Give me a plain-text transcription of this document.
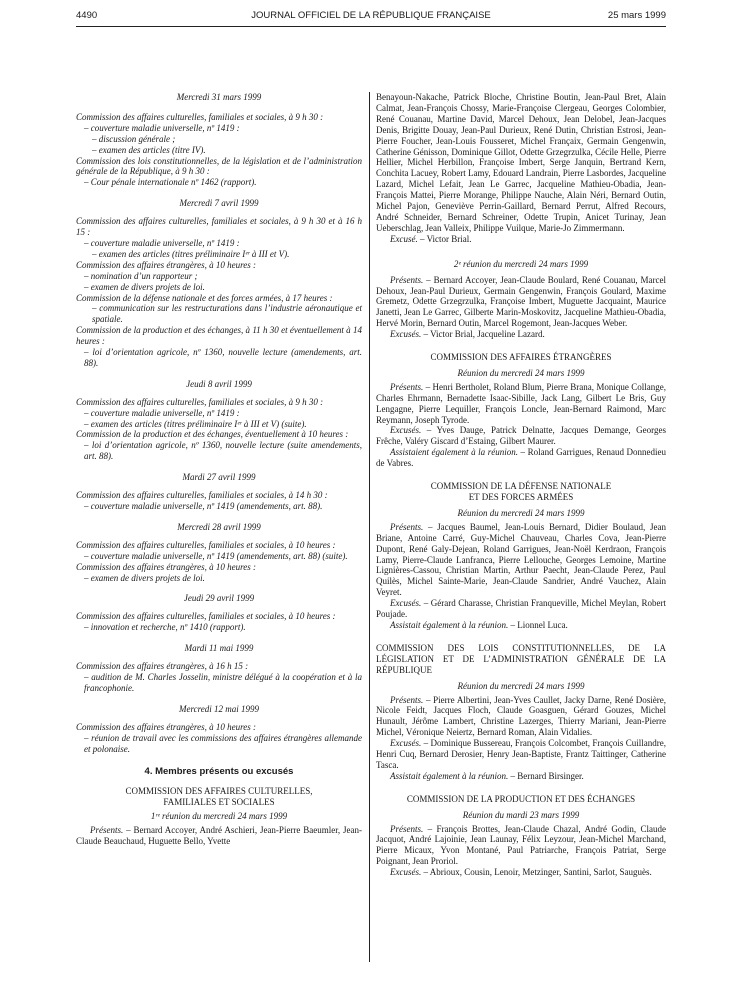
4490	JOURNAL OFFICIEL DE LA RÉPUBLIQUE FRANÇAISE	25 mars 1999
Mercredi 31 mars 1999
Commission des affaires culturelles, familiales et sociales, à 9 h 30 :
– couverture maladie universelle, nº 1419 :
– discussion générale ;
– examen des articles (titre IV).
Commission des lois constitutionnelles, de la législation et de l’administration générale de la République, à 9 h 30 :
– Cour pénale internationale nº 1462 (rapport).
Mercredi 7 avril 1999
Commission des affaires culturelles, familiales et sociales, à 9 h 30 et à 16 h 15 :
– couverture maladie universelle, nº 1419 :
– examen des articles (titres préliminaire Iᵉʳ à III et V).
Commission des affaires étrangères, à 10 heures :
– nomination d’un rapporteur ;
– examen de divers projets de loi.
Commission de la défense nationale et des forces armées, à 17 heures :
– communication sur les restructurations dans l’industrie aéronautique et spatiale.
Commission de la production et des échanges, à 11 h 30 et éventuellement à 14 heures :
– loi d’orientation agricole, nº 1360, nouvelle lecture (amendements, art. 88).
Jeudi 8 avril 1999
Commission des affaires culturelles, familiales et sociales, à 9 h 30 :
– couverture maladie universelle, nº 1419 :
– examen des articles (titres préliminaire Iᵉʳ à III et V) (suite).
Commission de la production et des échanges, éventuellement à 10 heures :
– loi d’orientation agricole, nº 1360, nouvelle lecture (suite amendements, art. 88).
Mardi 27 avril 1999
Commission des affaires culturelles, familiales et sociales, à 14 h 30 :
– couverture maladie universelle, nº 1419 (amendements, art. 88).
Mercredi 28 avril 1999
Commission des affaires culturelles, familiales et sociales, à 10 heures :
– couverture maladie universelle, nº 1419 (amendements, art. 88) (suite).
Commission des affaires étrangères, à 10 heures :
– examen de divers projets de loi.
Jeudi 29 avril 1999
Commission des affaires culturelles, familiales et sociales, à 10 heures :
– innovation et recherche, nº 1410 (rapport).
Mardi 11 mai 1999
Commission des affaires étrangères, à 16 h 15 :
– audition de M. Charles Josselin, ministre délégué à la coopération et à la francophonie.
Mercredi 12 mai 1999
Commission des affaires étrangères, à 10 heures :
– réunion de travail avec les commissions des affaires étrangères allemande et polonaise.
4. Membres présents ou excusés
COMMISSION DES AFFAIRES CULTURELLES,
FAMILIALES ET SOCIALES
1ʳᵉ réunion du mercredi 24 mars 1999
Présents. – Bernard Accoyer, André Aschieri, Jean-Pierre Baeumler, Jean-Claude Beauchaud, Huguette Bello, Yvette
Benayoun-Nakache, Patrick Bloche, Christine Boutin, Jean-Paul Bret, Alain Calmat, Jean-François Chossy, Marie-Françoise Clergeau, Georges Colombier, René Couanau, Martine David, Marcel Dehoux, Jean Delobel, Jean-Jacques Denis, Brigitte Douay, Jean-Paul Durieux, René Dutin, Christian Estrosi, Jean-Pierre Foucher, Jean-Louis Fousseret, Michel Françaix, Germain Gengenwin, Catherine Génisson, Dominique Gillot, Odette Grzegrzulka, Cécile Helle, Pierre Hellier, Michel Herbillon, Françoise Imbert, Serge Janquin, Bertrand Kern, Conchita Lacuey, Robert Lamy, Edouard Landrain, Pierre Lasbordes, Jacqueline Lazard, Michel Lefait, Jean Le Garrec, Jacqueline Mathieu-Obadia, Jean-François Mattei, Pierre Morange, Philippe Nauche, Alain Néri, Bernard Outin, Michel Pajon, Geneviève Perrin-Gaillard, Bernard Perrut, Alfred Recours, André Schneider, Bernard Schreiner, Odette Trupin, Anicet Turinay, Jean Ueberschlag, Jean Valleix, Philippe Vuilque, Marie-Jo Zimmermann.
Excusé. – Victor Brial.
2ᵉ réunion du mercredi 24 mars 1999
Présents. – Bernard Accoyer, Jean-Claude Boulard, René Couanau, Marcel Dehoux, Jean-Paul Durieux, Germain Gengenwin, François Goulard, Maxime Gremetz, Odette Grzegrzulka, Françoise Imbert, Muguette Jacquaint, Maurice Janetti, Jean Le Garrec, Gilberte Marin-Moskovitz, Jacqueline Mathieu-Obadia, Hervé Morin, Bernard Outin, Marcel Rogemont, Jean-Jacques Weber.
Excusés. – Victor Brial, Jacqueline Lazard.
COMMISSION DES AFFAIRES ÉTRANGÈRES
Réunion du mercredi 24 mars 1999
Présents. – Henri Bertholet, Roland Blum, Pierre Brana, Monique Collange, Charles Ehrmann, Bernadette Isaac-Sibille, Jack Lang, Gilbert Le Bris, Guy Lengagne, Pierre Lequiller, François Loncle, Jean-Bernard Raimond, Marc Reymann, Joseph Tyrode.
Excusés. – Yves Dauge, Patrick Delnatte, Jacques Demange, Georges Frêche, Valéry Giscard d’Estaing, Gilbert Maurer.
Assistaient également à la réunion. – Roland Garrigues, Renaud Donnedieu de Vabres.
COMMISSION DE LA DÉFENSE NATIONALE
ET DES FORCES ARMÉES
Réunion du mercredi 24 mars 1999
Présents. – Jacques Baumel, Jean-Louis Bernard, Didier Boulaud, Jean Briane, Antoine Carré, Guy-Michel Chauveau, Charles Cova, Jean-Pierre Dupont, René Galy-Dejean, Roland Garrigues, Jean-Noël Kerdraon, François Lamy, Pierre-Claude Lanfranca, Pierre Lellouche, Georges Lemoine, Martine Lignières-Cassou, Christian Martin, Arthur Paecht, Jean-Claude Perez, Paul Quilès, Michel Sainte-Marie, Jean-Claude Sandrier, André Vauchez, Alain Veyret.
Excusés. – Gérard Charasse, Christian Franqueville, Michel Meylan, Robert Poujade.
Assistait également à la réunion. – Lionnel Luca.
COMMISSION DES LOIS CONSTITUTIONNELLES, DE LA LÉGISLATION ET DE L’ADMINISTRATION GÉNÉRALE DE LA RÉPUBLIQUE
Réunion du mercredi 24 mars 1999
Présents. – Pierre Albertini, Jean-Yves Caullet, Jacky Darne, René Dosière, Nicole Feidt, Jacques Floch, Claude Goasguen, Gérard Gouzes, Michel Hunault, Jérôme Lambert, Christine Lazerges, Thierry Mariani, Jean-Pierre Michel, Véronique Neiertz, Bernard Roman, Alain Vidalies.
Excusés. – Dominique Bussereau, François Colcombet, François Cuillandre, Henri Cuq, Bernard Derosier, Henry Jean-Baptiste, Frantz Taittinger, Catherine Tasca.
Assistait également à la réunion. – Bernard Birsinger.
COMMISSION DE LA PRODUCTION ET DES ÉCHANGES
Réunion du mardi 23 mars 1999
Présents. – François Brottes, Jean-Claude Chazal, André Godin, Claude Jacquot, André Lajoinie, Jean Launay, Félix Leyzour, Jean-Michel Marchand, Pierre Micaux, Yvon Montané, Paul Patriarche, François Patriat, Serge Poignant, Jean Proriol.
Excusés. – Abrioux, Cousin, Lenoir, Metzinger, Santini, Sarlot, Sauguès.
